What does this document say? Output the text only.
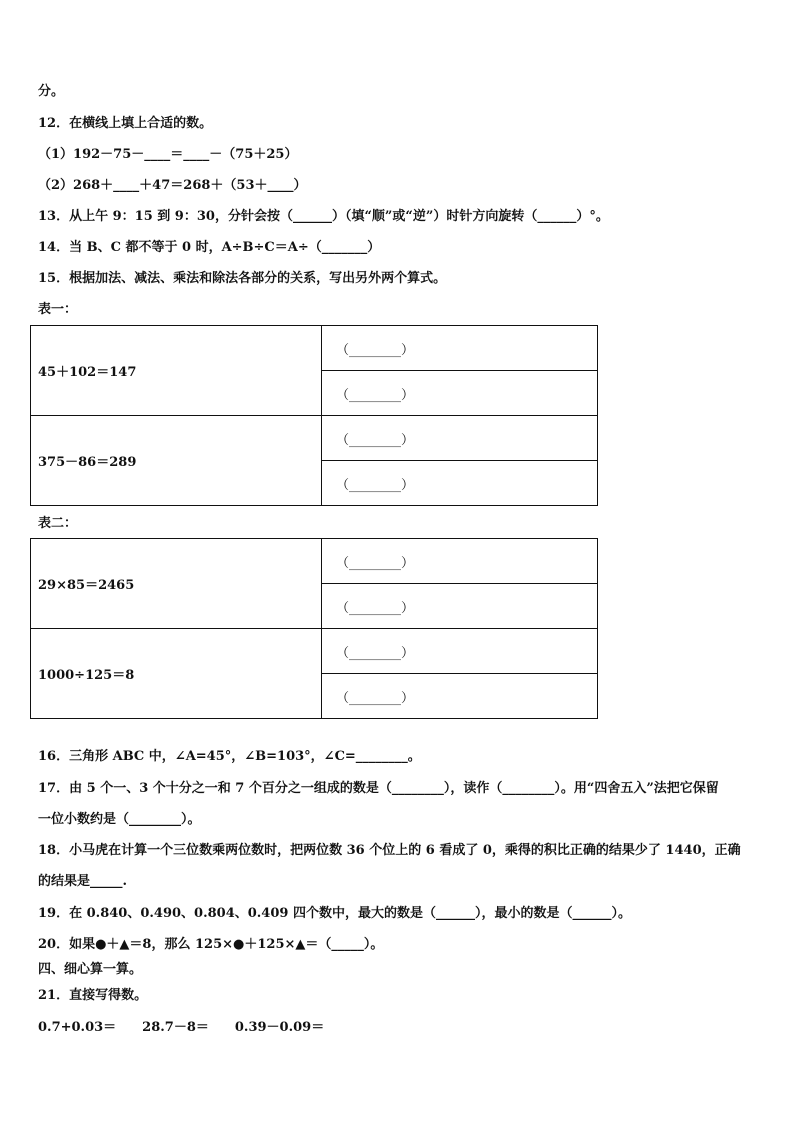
分。
12．在横线上填上合适的数。
（1）192－75－____＝____－（75＋25）
（2）268＋____＋47＝268＋（53＋____）
13．从上午 9：15 到 9：30，分针会按（______）（填“顺”或“逆”）时针方向旋转（______）°。
14．当 B、C 都不等于 0 时，A÷B÷C＝A÷（_______）
15．根据加法、减法、乘法和除法各部分的关系，写出另外两个算式。
表一：
45＋102＝147	（________）
	（________）
375－86＝289	（________）
	（________）
表二：
29×85＝2465	（________）
	（________）
1000÷125＝8	（________）
	（________）
16．三角形 ABC 中，∠A=45°，∠B=103°，∠C=________。
17．由 5 个一、3 个十分之一和 7 个百分之一组成的数是（________），读作（________）。用“四舍五入”法把它保留
一位小数约是（________）。
18．小马虎在计算一个三位数乘两位数时，把两位数 36 个位上的 6 看成了 0，乘得的积比正确的结果少了 1440，正确
的结果是_____.
19．在 0.840、0.490、0.804、0.409 四个数中，最大的数是（______），最小的数是（______）。
20．如果●＋▲＝8，那么 125×●＋125×▲＝（_____）。
四、细心算一算。
21．直接写得数。
0.7+0.03＝　　28.7－8＝　　0.39－0.09＝
